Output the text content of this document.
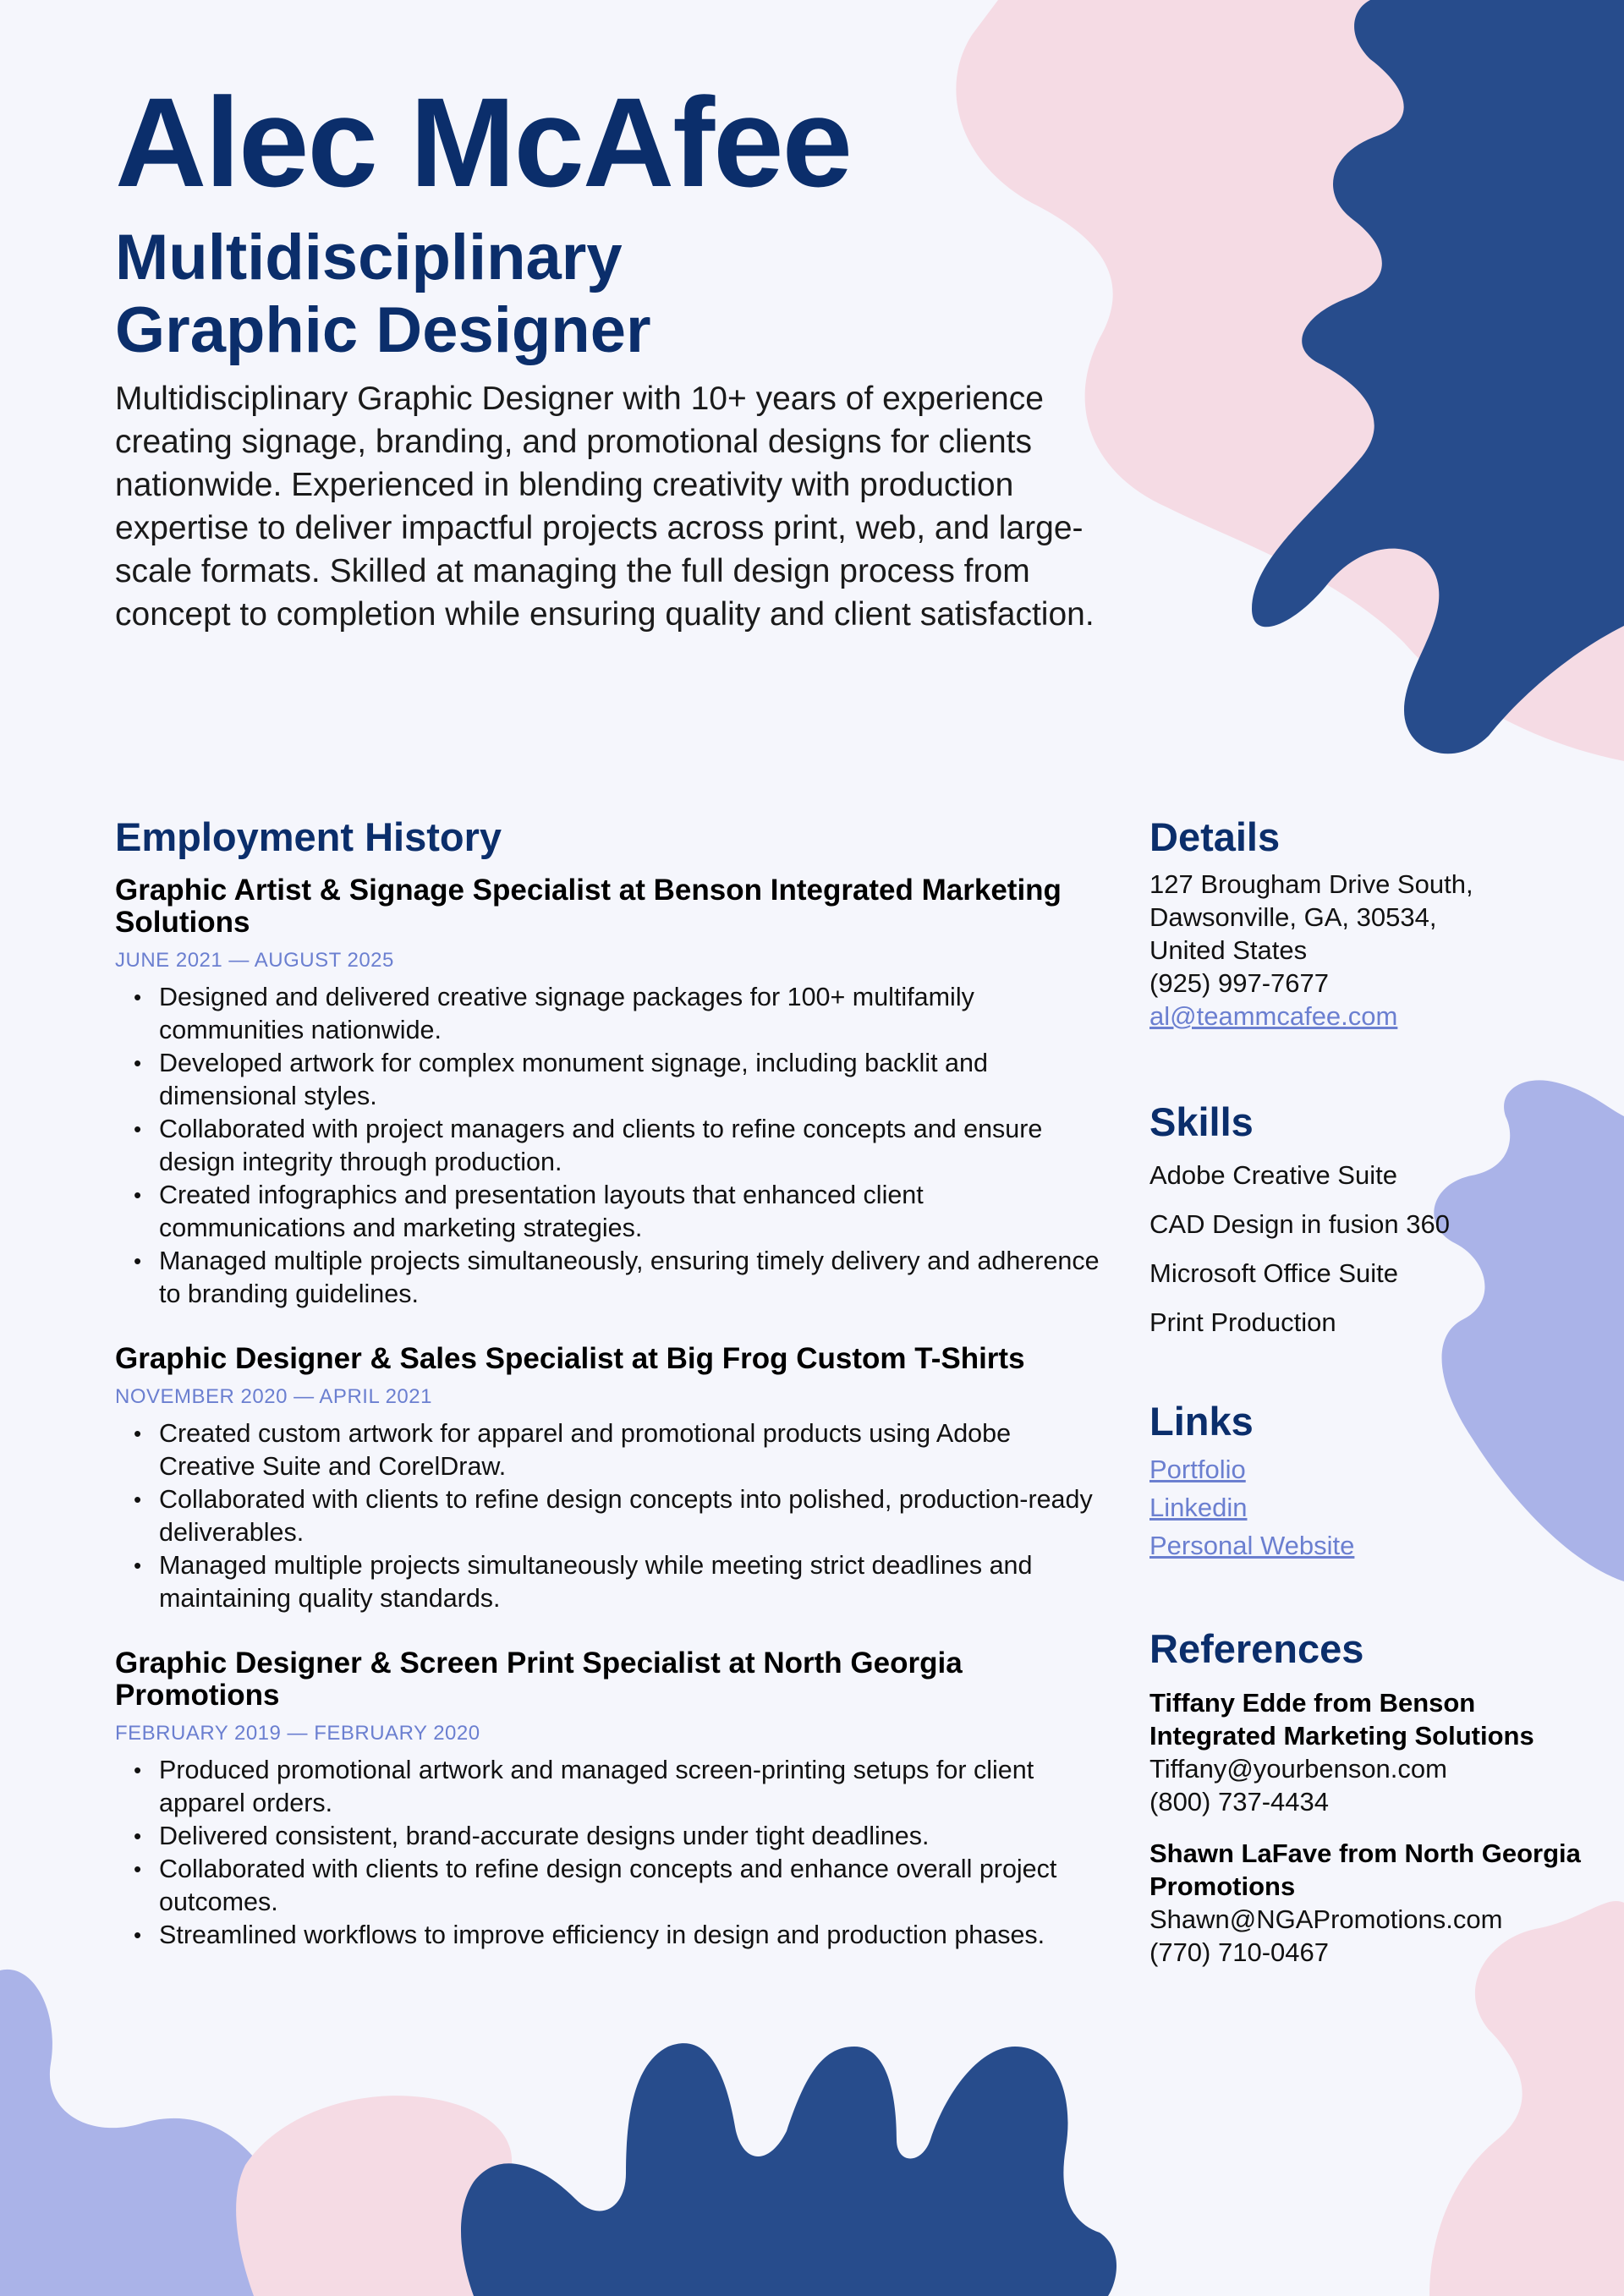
Alec McAfee
Multidisciplinary
Graphic Designer

Multidisciplinary Graphic Designer with 10+ years of experience creating signage, branding, and promotional designs for clients nationwide. Experienced in blending creativity with production expertise to deliver impactful projects across print, web, and large-scale formats. Skilled at managing the full design process from concept to completion while ensuring quality and client satisfaction.

Employment History
Graphic Artist & Signage Specialist at Benson Integrated Marketing Solutions
JUNE 2021 — AUGUST 2025
• Designed and delivered creative signage packages for 100+ multifamily communities nationwide.
• Developed artwork for complex monument signage, including backlit and dimensional styles.
• Collaborated with project managers and clients to refine concepts and ensure design integrity through production.
• Created infographics and presentation layouts that enhanced client communications and marketing strategies.
• Managed multiple projects simultaneously, ensuring timely delivery and adherence to branding guidelines.
Graphic Designer & Sales Specialist at Big Frog Custom T-Shirts
NOVEMBER 2020 — APRIL 2021
• Created custom artwork for apparel and promotional products using Adobe Creative Suite and CorelDraw.
• Collaborated with clients to refine design concepts into polished, production-ready deliverables.
• Managed multiple projects simultaneously while meeting strict deadlines and maintaining quality standards.
Graphic Designer & Screen Print Specialist at North Georgia Promotions
FEBRUARY 2019 — FEBRUARY 2020
• Produced promotional artwork and managed screen-printing setups for client apparel orders.
• Delivered consistent, brand-accurate designs under tight deadlines.
• Collaborated with clients to refine design concepts and enhance overall project outcomes.
• Streamlined workflows to improve efficiency in design and production phases.
Details
127 Brougham Drive South,
Dawsonville, GA, 30534,
United States
(925) 997-7677
al@teammcafee.com
Skills
Adobe Creative Suite
CAD Design in fusion 360
Microsoft Office Suite
Print Production
Links
Portfolio
Linkedin
Personal Website
References
Tiffany Edde from Benson Integrated Marketing Solutions
Tiffany@yourbenson.com
(800) 737-4434
Shawn LaFave from North Georgia Promotions
Shawn@NGAPromotions.com
(770) 710-0467
